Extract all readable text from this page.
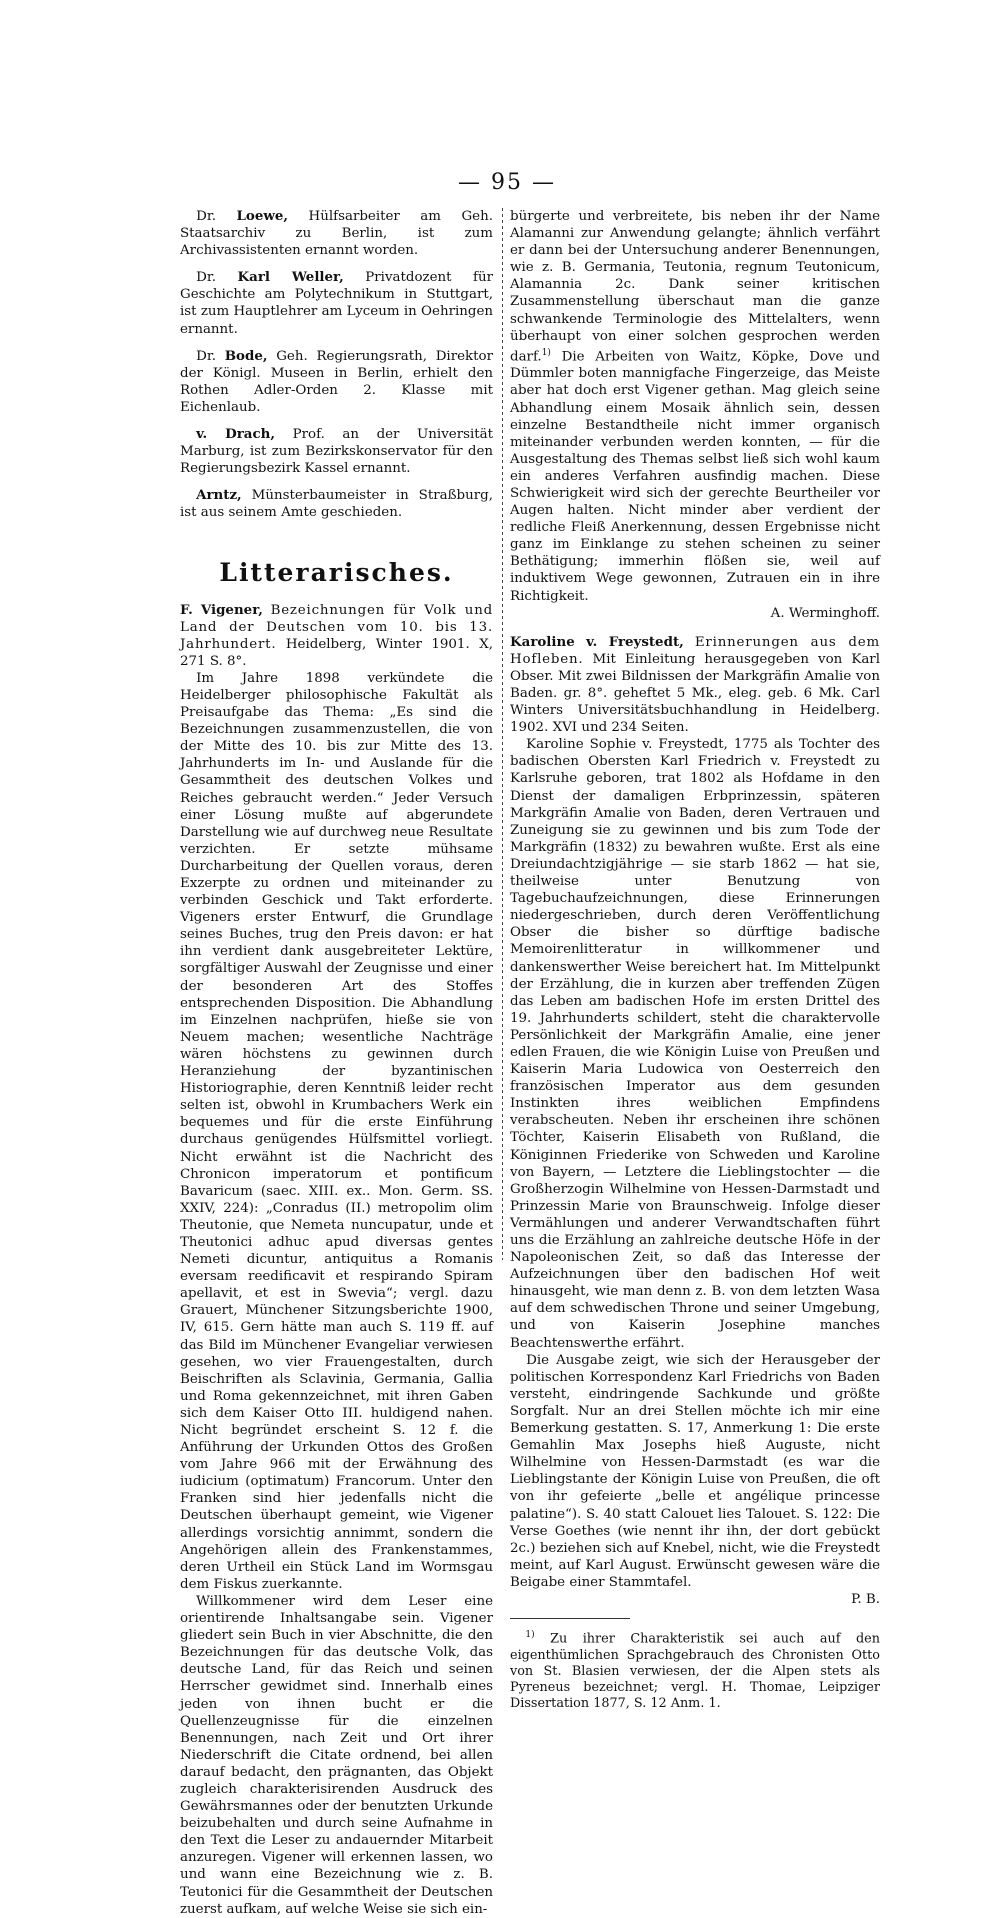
— 95 —

Dr. Loewe, Hülfsarbeiter am Geh. Staatsarchiv zu Berlin, ist zum Archivassistenten ernannt worden.

Dr. Karl Weller, Privatdozent für Geschichte am Polytechnikum in Stuttgart, ist zum Hauptlehrer am Lyceum in Oehringen ernannt.

Dr. Bode, Geh. Regierungsrath, Direktor der Königl. Museen in Berlin, erhielt den Rothen Adler-Orden 2. Klasse mit Eichenlaub.

v. Drach, Prof. an der Universität Marburg, ist zum Bezirkskonservator für den Regierungsbezirk Kassel ernannt.

Arntz, Münsterbaumeister in Straßburg, ist aus seinem Amte geschieden.

Litterarisches.

F. Vigener, Bezeichnungen für Volk und Land der Deutschen vom 10. bis 13. Jahrhundert. Heidelberg, Winter 1901. X, 271 S. 8°.

Im Jahre 1898 verkündete die Heidelberger philosophische Fakultät als Preisaufgabe das Thema: „Es sind die Bezeichnungen zusammenzustellen, die von der Mitte des 10. bis zur Mitte des 13. Jahrhunderts im In- und Auslande für die Gesammtheit des deutschen Volkes und Reiches gebraucht werden.“ Jeder Versuch einer Lösung mußte auf abgerundete Darstellung wie auf durchweg neue Resultate verzichten. Er setzte mühsame Durcharbeitung der Quellen voraus, deren Exzerpte zu ordnen und miteinander zu verbinden Geschick und Takt erforderte. Vigeners erster Entwurf, die Grundlage seines Buches, trug den Preis davon: er hat ihn verdient dank ausgebreiteter Lektüre, sorgfältiger Auswahl der Zeugnisse und einer der besonderen Art des Stoffes entsprechenden Disposition. Die Abhandlung im Einzelnen nachprüfen, hieße sie von Neuem machen; wesentliche Nachträge wären höchstens zu gewinnen durch Heranziehung der byzantinischen Historiographie, deren Kenntniß leider recht selten ist, obwohl in Krumbachers Werk ein bequemes und für die erste Einführung durchaus genügendes Hülfsmittel vorliegt. Nicht erwähnt ist die Nachricht des Chronicon imperatorum et pontificum Bavaricum (saec. XIII. ex.. Mon. Germ. SS. XXIV, 224): „Conradus (II.) metropolim olim Theutonie, que Nemeta nuncupatur, unde et Theutonici adhuc apud diversas gentes Nemeti dicuntur, antiquitus a Romanis eversam reedificavit et respirando Spiram apellavit, et est in Swevia“; vergl. dazu Grauert, Münchener Sitzungsberichte 1900, IV, 615. Gern hätte man auch S. 119 ff. auf das Bild im Münchener Evangeliar verwiesen gesehen, wo vier Frauengestalten, durch Beischriften als Sclavinia, Germania, Gallia und Roma gekennzeichnet, mit ihren Gaben sich dem Kaiser Otto III. huldigend nahen. Nicht begründet erscheint S. 12 f. die Anführung der Urkunden Ottos des Großen vom Jahre 966 mit der Erwähnung des iudicium (optimatum) Francorum. Unter den Franken sind hier jedenfalls nicht die Deutschen überhaupt gemeint, wie Vigener allerdings vorsichtig annimmt, sondern die Angehörigen allein des Frankenstammes, deren Urtheil ein Stück Land im Wormsgau dem Fiskus zuerkannte.

Willkommener wird dem Leser eine orientirende Inhaltsangabe sein. Vigener gliedert sein Buch in vier Abschnitte, die den Bezeichnungen für das deutsche Volk, das deutsche Land, für das Reich und seinen Herrscher gewidmet sind. Innerhalb eines jeden von ihnen bucht er die Quellenzeugnisse für die einzelnen Benennungen, nach Zeit und Ort ihrer Niederschrift die Citate ordnend, bei allen darauf bedacht, den prägnanten, das Objekt zugleich charakterisirenden Ausdruck des Gewährsmannes oder der benutzten Urkunde beizubehalten und durch seine Aufnahme in den Text die Leser zu andauernder Mitarbeit anzuregen. Vigener will erkennen lassen, wo und wann eine Bezeichnung wie z. B. Teutonici für die Gesammtheit der Deutschen zuerst aufkam, auf welche Weise sie sich ein-

bürgerte und verbreitete, bis neben ihr der Name Alamanni zur Anwendung gelangte; ähnlich verfährt er dann bei der Untersuchung anderer Benennungen, wie z. B. Germania, Teutonia, regnum Teutonicum, Alamannia 2c. Dank seiner kritischen Zusammenstellung überschaut man die ganze schwankende Terminologie des Mittelalters, wenn überhaupt von einer solchen gesprochen werden darf.$^{1)}$ Die Arbeiten von Waitz, Köpke, Dove und Dümmler boten mannigfache Fingerzeige, das Meiste aber hat doch erst Vigener gethan. Mag gleich seine Abhandlung einem Mosaik ähnlich sein, dessen einzelne Bestandtheile nicht immer organisch miteinander verbunden werden konnten, — für die Ausgestaltung des Themas selbst ließ sich wohl kaum ein anderes Verfahren ausfindig machen. Diese Schwierigkeit wird sich der gerechte Beurtheiler vor Augen halten. Nicht minder aber verdient der redliche Fleiß Anerkennung, dessen Ergebnisse nicht ganz im Einklange zu stehen scheinen zu seiner Bethätigung; immerhin flößen sie, weil auf induktivem Wege gewonnen, Zutrauen ein in ihre Richtigkeit.

A. Werminghoff.

Karoline v. Freystedt, Erinnerungen aus dem Hofleben. Mit Einleitung herausgegeben von Karl Obser. Mit zwei Bildnissen der Markgräfin Amalie von Baden. gr. 8°. geheftet 5 Mk., eleg. geb. 6 Mk. Carl Winters Universitätsbuchhandlung in Heidelberg. 1902. XVI und 234 Seiten.

Karoline Sophie v. Freystedt, 1775 als Tochter des badischen Obersten Karl Friedrich v. Freystedt zu Karlsruhe geboren, trat 1802 als Hofdame in den Dienst der damaligen Erbprinzessin, späteren Markgräfin Amalie von Baden, deren Vertrauen und Zuneigung sie zu gewinnen und bis zum Tode der Markgräfin (1832) zu bewahren wußte. Erst als eine Dreiundachtzigjährige — sie starb 1862 — hat sie, theilweise unter Benutzung von Tagebuchaufzeichnungen, diese Erinnerungen niedergeschrieben, durch deren Veröffentlichung Obser die bisher so dürftige badische Memoirenlitteratur in willkommener und dankenswerther Weise bereichert hat. Im Mittelpunkt der Erzählung, die in kurzen aber treffenden Zügen das Leben am badischen Hofe im ersten Drittel des 19. Jahrhunderts schildert, steht die charaktervolle Persönlichkeit der Markgräfin Amalie, eine jener edlen Frauen, die wie Königin Luise von Preußen und Kaiserin Maria Ludowica von Oesterreich den französischen Imperator aus dem gesunden Instinkten ihres weiblichen Empfindens verabscheuten. Neben ihr erscheinen ihre schönen Töchter, Kaiserin Elisabeth von Rußland, die Königinnen Friederike von Schweden und Karoline von Bayern, — Letztere die Lieblingstochter — die Großherzogin Wilhelmine von Hessen-Darmstadt und Prinzessin Marie von Braunschweig. Infolge dieser Vermählungen und anderer Verwandtschaften führt uns die Erzählung an zahlreiche deutsche Höfe in der Napoleonischen Zeit, so daß das Interesse der Aufzeichnungen über den badischen Hof weit hinausgeht, wie man denn z. B. von dem letzten Wasa auf dem schwedischen Throne und seiner Umgebung, und von Kaiserin Josephine manches Beachtenswerthe erfährt.

Die Ausgabe zeigt, wie sich der Herausgeber der politischen Korrespondenz Karl Friedrichs von Baden versteht, eindringende Sachkunde und größte Sorgfalt. Nur an drei Stellen möchte ich mir eine Bemerkung gestatten. S. 17, Anmerkung 1: Die erste Gemahlin Max Josephs hieß Auguste, nicht Wilhelmine von Hessen-Darmstadt (es war die Lieblingstante der Königin Luise von Preußen, die oft von ihr gefeierte „belle et angélique princesse palatine“). S. 40 statt Calouet lies Talouet. S. 122: Die Verse Goethes (wie nennt ihr ihn, der dort gebückt 2c.) beziehen sich auf Knebel, nicht, wie die Freystedt meint, auf Karl August. Erwünscht gewesen wäre die Beigabe einer Stammtafel.

P. B.

$^{1)}$ Zu ihrer Charakteristik sei auch auf den eigenthümlichen Sprachgebrauch des Chronisten Otto von St. Blasien verwiesen, der die Alpen stets als Pyreneus bezeichnet; vergl. H. Thomae, Leipziger Dissertation 1877, S. 12 Anm. 1.
